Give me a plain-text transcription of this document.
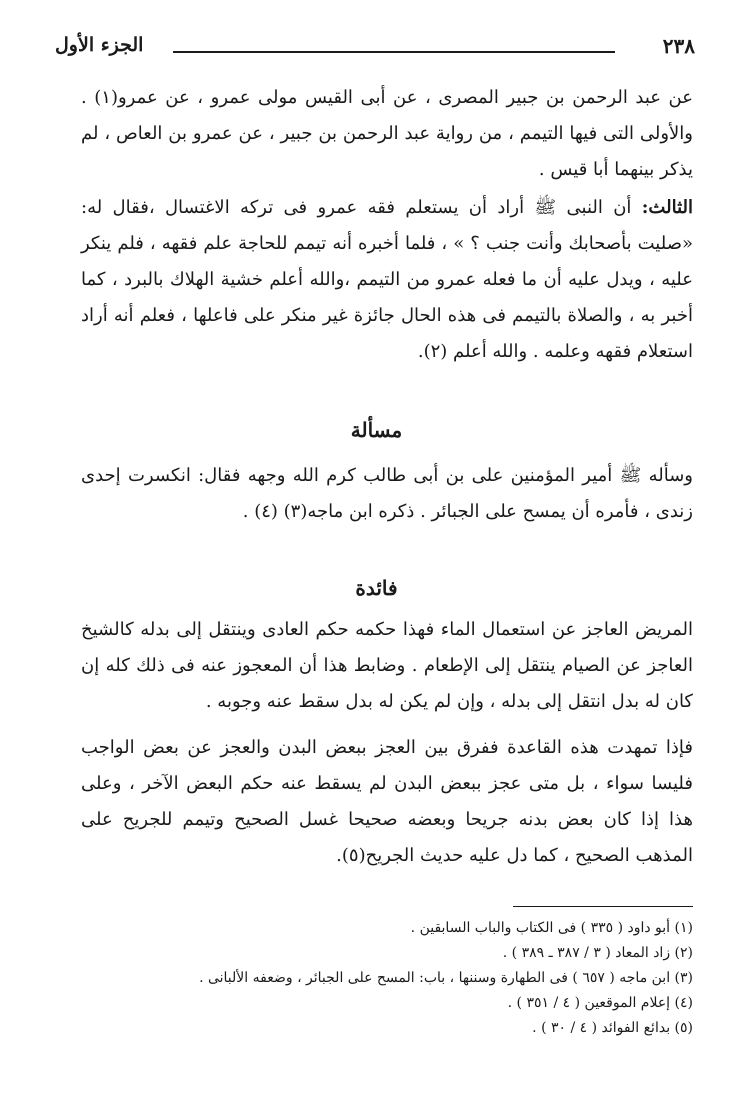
٢٣٨
الجزء الأول

عن عبد الرحمن بن جبير المصرى ، عن أبى القيس مولى عمرو ، عن عمرو(١) . والأولى التى فيها التيمم ، من رواية عبد الرحمن بن جبير ، عن عمرو بن العاص ، لم يذكر بينهما أبا قيس .

الثالث: أن النبى ﷺ أراد أن يستعلم فقه عمرو فى تركه الاغتسال ،فقال له: «صليت بأصحابك وأنت جنب ؟ » ، فلما أخبره أنه تيمم للحاجة علم فقهه ، فلم ينكر عليه ، ويدل عليه أن ما فعله عمرو من التيمم ،والله أعلم خشية الهلاك بالبرد ، كما أخبر به ، والصلاة بالتيمم فى هذه الحال جائزة غير منكر على فاعلها ، فعلم أنه أراد استعلام فقهه وعلمه . والله أعلم (٢).

مسألة

وسأله ﷺ أمير المؤمنين على بن أبى طالب كرم الله وجهه فقال: انكسرت إحدى زندى ، فأمره أن يمسح على الجبائر . ذكره ابن ماجه(٣) (٤) .

فائدة

المريض العاجز عن استعمال الماء فهذا حكمه حكم العادى وينتقل إلى بدله كالشيخ العاجز عن الصيام ينتقل إلى الإطعام . وضابط هذا أن المعجوز عنه فى ذلك كله إن كان له بدل انتقل إلى بدله ، وإن لم يكن له بدل سقط عنه وجوبه .

فإذا تمهدت هذه القاعدة ففرق بين العجز ببعض البدن والعجز عن بعض الواجب فليسا سواء ، بل متى عجز ببعض البدن لم يسقط عنه حكم البعض الآخر ، وعلى هذا إذا كان بعض بدنه جريحا وبعضه صحيحا غسل الصحيح وتيمم للجريح على المذهب الصحيح ، كما دل عليه حديث الجريح(٥).

(١) أبو داود ( ٣٣٥ ) فى الكتاب والباب السابقين .
(٢) زاد المعاد ( ٣ / ٣٨٧ ـ ٣٨٩ ) .
(٣) ابن ماجه ( ٦٥٧ ) فى الطهارة وسننها ، باب: المسح على الجبائر ، وضعفه الألبانى .
(٤) إعلام الموقعين ( ٤ / ٣٥١ ) .
(٥) بدائع الفوائد ( ٤ / ٣٠ ) .
